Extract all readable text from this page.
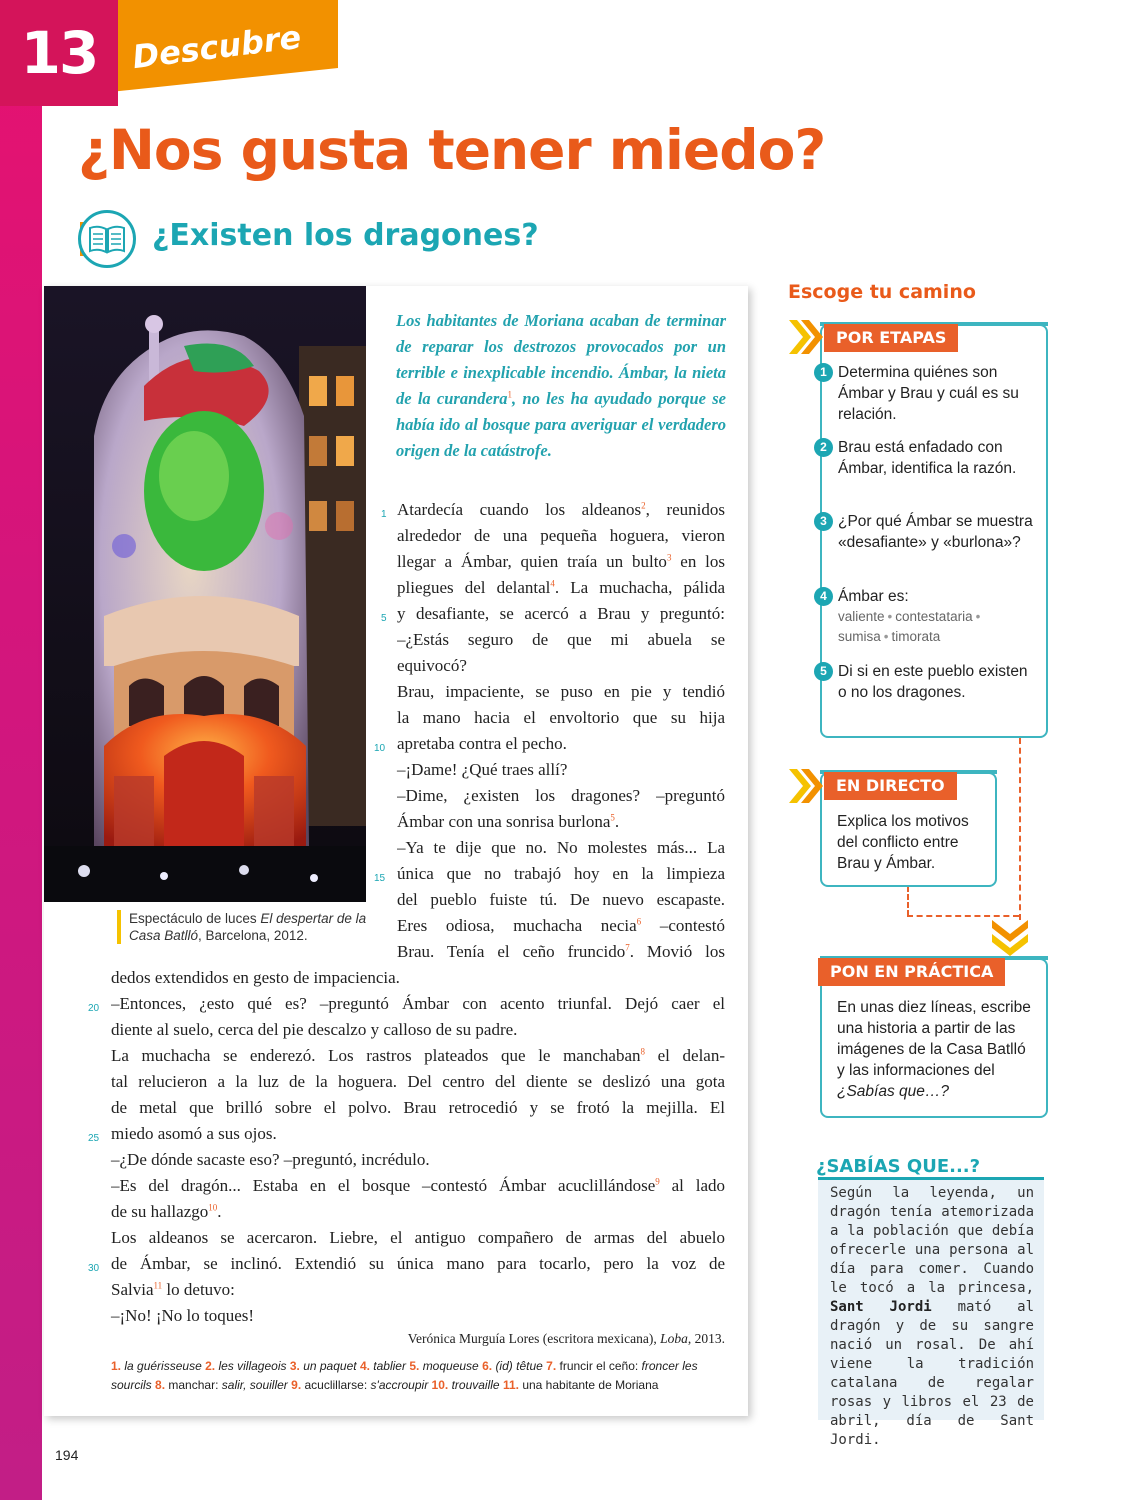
Descubre
13
¿Nos gusta tener miedo?
¿Existen los dragones?
Espectáculo de luces El despertar de la Casa Batlló, Barcelona, 2012.

Los habitantes de Moriana acaban de terminar de reparar los destrozos provocados por un terrible e inexplicable incendio. Ámbar, la nieta de la curandera$^1$, no les ha ayudado porque se había ido al bosque para averiguar el verdadero origen de la catástrofe.

1
5
10
15
20
25
30
Atardecía cuando los aldeanos$^2$, reunidos
alrededor de una pequeña hoguera, vieron
llegar a Ámbar, quien traía un bulto$^3$ en los
pliegues del delantal$^4$. La muchacha, pálida
y desafiante, se acercó a Brau y preguntó:
–¿Estás seguro de que mi abuela se
equivocó?
Brau, impaciente, se puso en pie y tendió
la mano hacia el envoltorio que su hija
apretaba contra el pecho.
–¡Dame! ¿Qué traes allí?
–Dime, ¿existen los dragones? –preguntó
Ámbar con una sonrisa burlona$^5$.
–Ya te dije que no. No molestes más... La
única que no trabajó hoy en la limpieza
del pueblo fuiste tú. De nuevo escapaste.
Eres odiosa, muchacha necia$^6$ –contestó
Brau. Tenía el ceño fruncido$^7$. Movió los
dedos extendidos en gesto de impaciencia.
–Entonces, ¿esto qué es? –preguntó Ámbar con acento triunfal. Dejó caer el
diente al suelo, cerca del pie descalzo y calloso de su padre.
La muchacha se enderezó. Los rastros plateados que le manchaban$^8$ el delan-
tal relucieron a la luz de la hoguera. Del centro del diente se deslizó una gota
de metal que brilló sobre el polvo. Brau retrocedió y se frotó la mejilla. El
miedo asomó a sus ojos.
–¿De dónde sacaste eso? –preguntó, incrédulo.
–Es del dragón... Estaba en el bosque –contestó Ámbar acuclillándose$^9$ al lado
de su hallazgo$^{10}$.
Los aldeanos se acercaron. Liebre, el antiguo compañero de armas del abuelo
de Ámbar, se inclinó. Extendió su única mano para tocarlo, pero la voz de
Salvia$^{11}$ lo detuvo:
–¡No! ¡No lo toques!
Verónica Murguía Lores (escritora mexicana), Loba, 2013.
1. la guérisseuse 2. les villageois 3. un paquet 4. tablier 5. moqueuse 6. (id) têtue 7. fruncir el ceño: froncer les sourcils 8. manchar: salir, souiller 9. acuclillarse: s'accroupir 10. trouvaille 11. una habitante de Moriana
194
Escoge tu camino
POR ETAPAS
1 Determina quiénes son Ámbar y Brau y cuál es su relación.
2 Brau está enfadado con Ámbar, identifica la razón.
3 ¿Por qué Ámbar se muestra «desafiante» y «burlona»?
4 Ámbar es:
valiente • contestataria •
sumisa • timorata
5 Di si en este pueblo existen o no los dragones.
EN DIRECTO
Explica los motivos del conflicto entre Brau y Ámbar.
PON EN PRÁCTICA
En unas diez líneas, escribe una historia a partir de las imágenes de la Casa Batlló y las informaciones del ¿Sabías que…?
¿SABÍAS QUE...?
Según la leyenda, un dragón tenía atemorizada a la población que debía ofrecerle una persona al día para comer. Cuando le tocó a la princesa, Sant Jordi mató al dragón y de su sangre nació un rosal. De ahí viene la tradición catalana de regalar rosas y libros el 23 de abril, día de Sant Jordi.
